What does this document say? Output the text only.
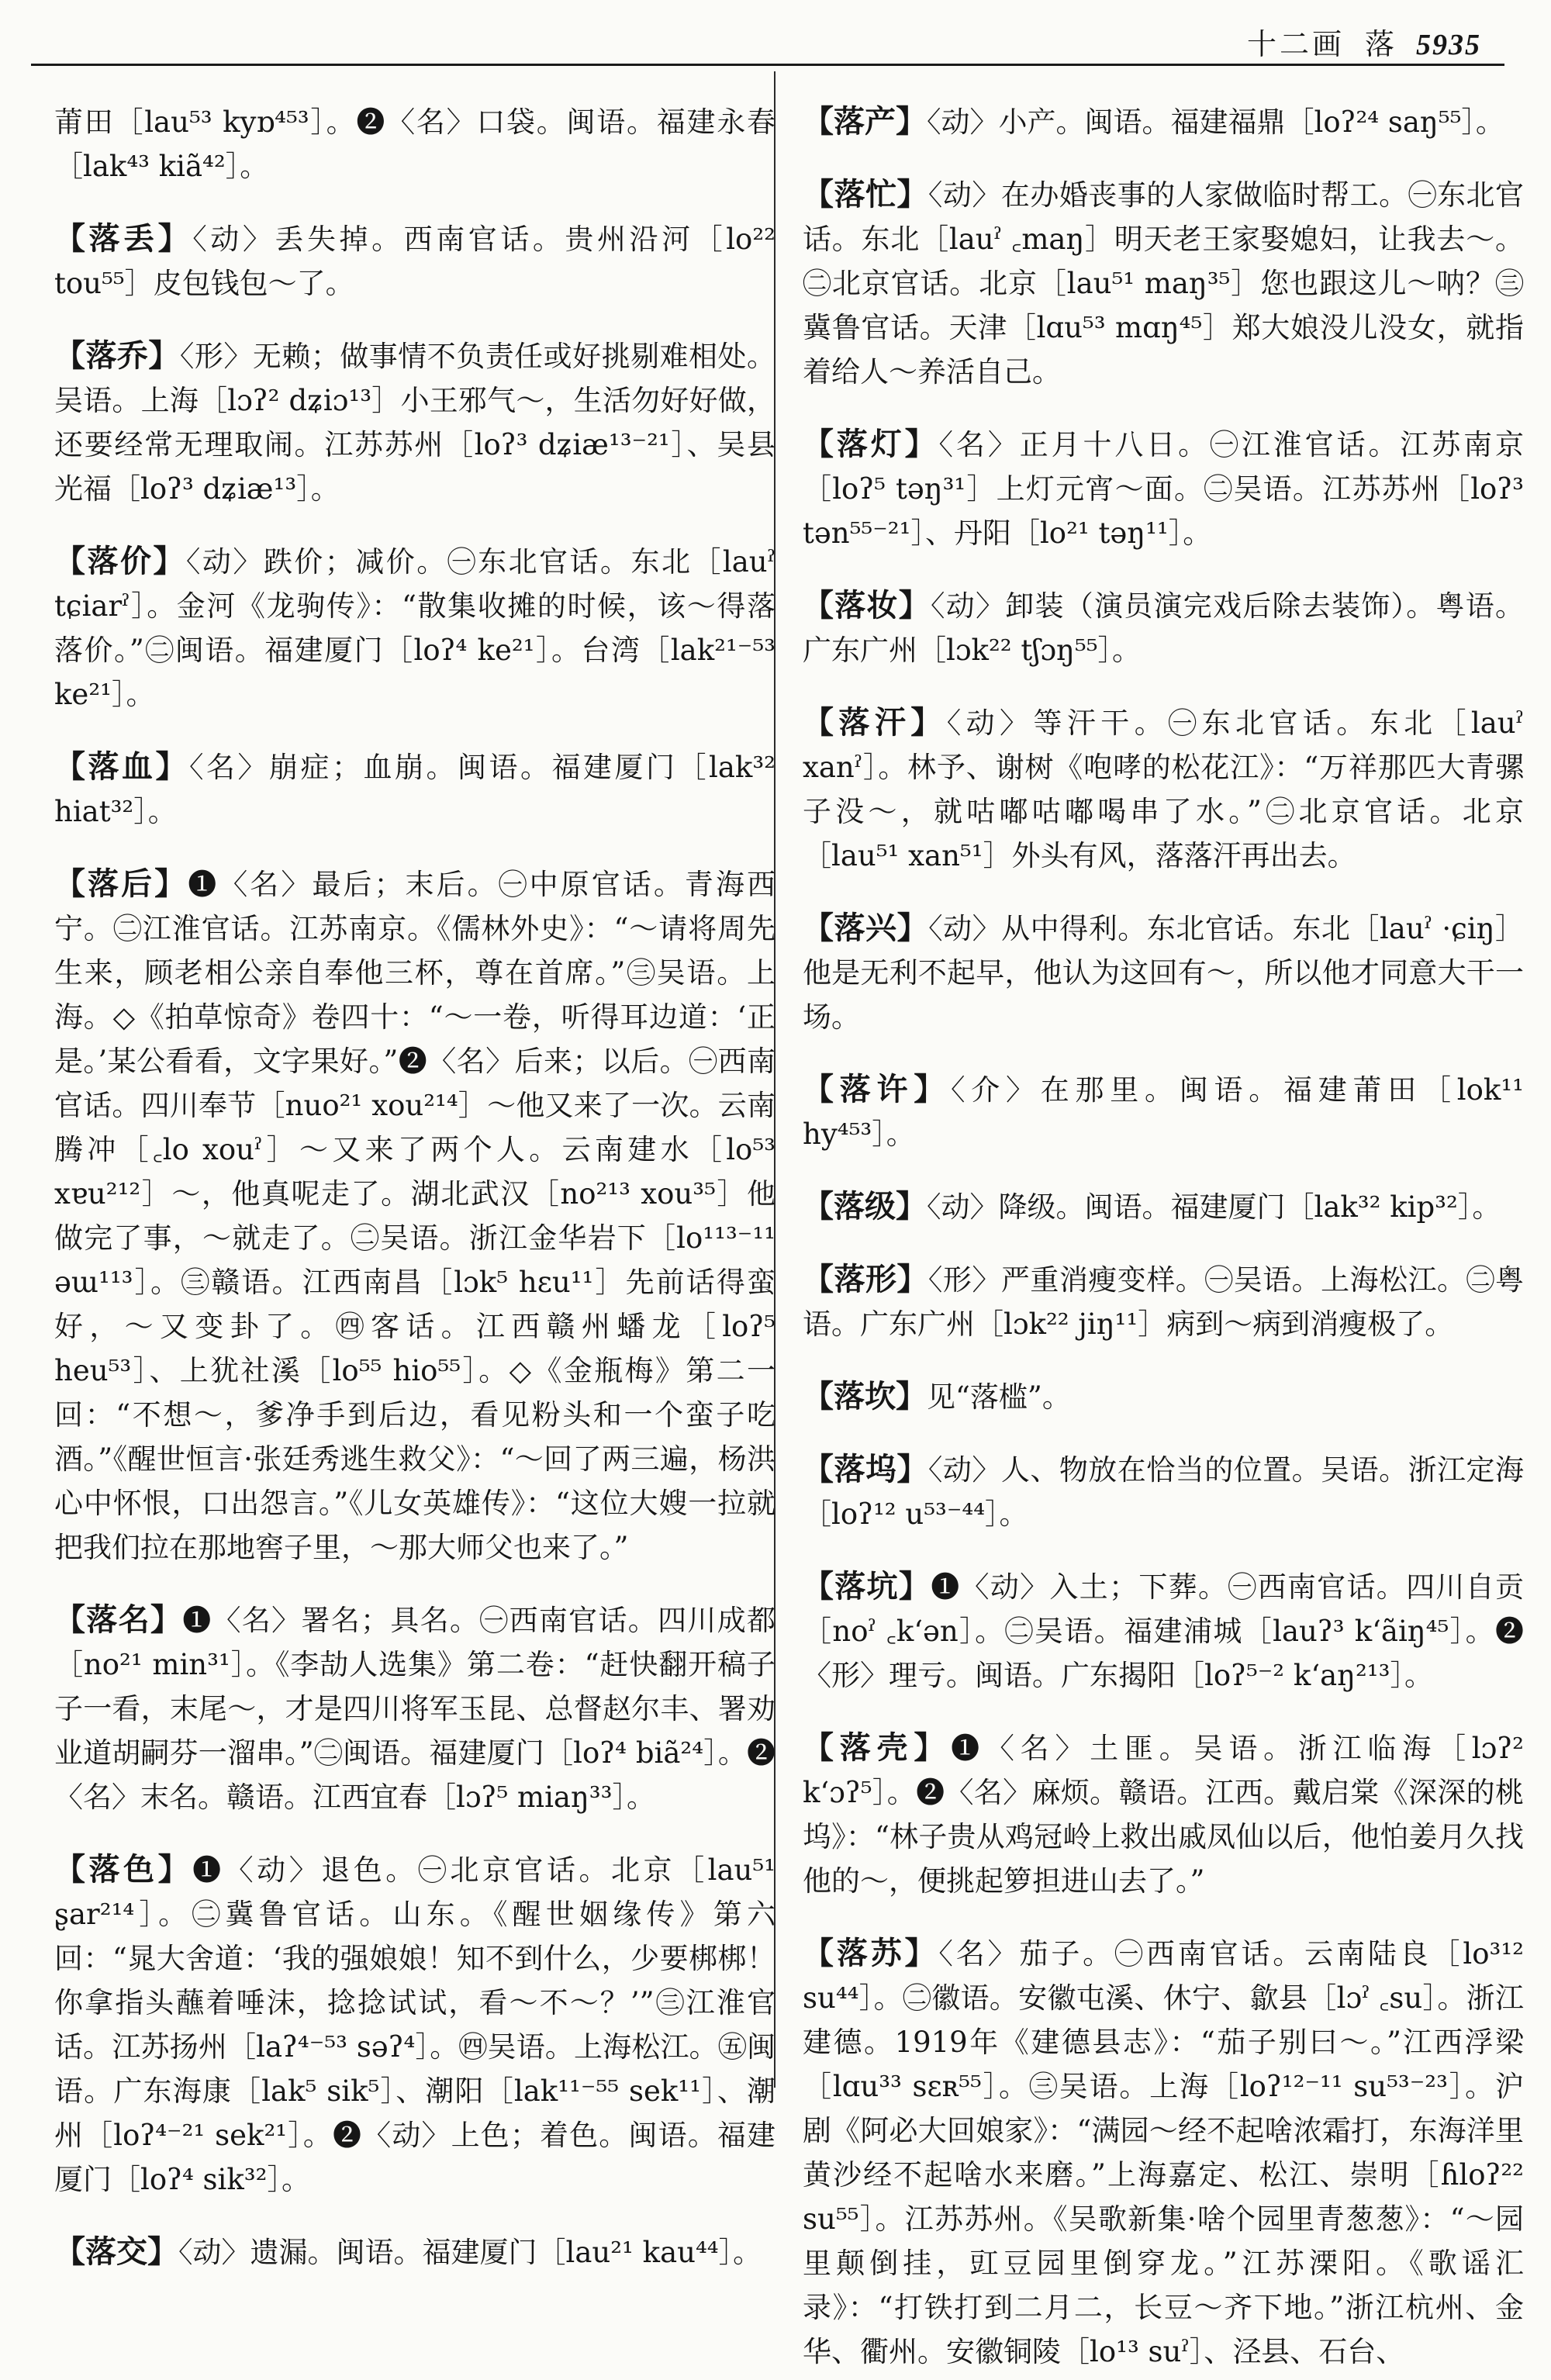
十二画 落 5935

莆田［lau⁵³ kyɒ⁴⁵³］。❷〈名〉口袋。闽语。福建永春［lak⁴³ kiã⁴²］。

【落丢】〈动〉丢失掉。西南官话。贵州沿河［lo²² tou⁵⁵］皮包钱包～了。

【落乔】〈形〉无赖；做事情不负责任或好挑剔难相处。吴语。上海［lɔʔ² dʑiɔ¹³］小王邪气～，生活勿好好做，还要经常无理取闹。江苏苏州［loʔ³ dʑiæ¹³⁻²¹］、吴县光福［loʔ³ dʑiæ¹³］。

【落价】〈动〉跌价；减价。㊀东北官话。东北［lauˀ tɕiarˀ］。金河《龙驹传》：“散集收摊的时候，该～得落落价。”㊁闽语。福建厦门［loʔ⁴ ke²¹］。台湾［lak²¹⁻⁵³ ke²¹］。

【落血】〈名〉崩症；血崩。闽语。福建厦门［lak³² hiat³²］。

【落后】❶〈名〉最后；末后。㊀中原官话。青海西宁。㊁江淮官话。江苏南京。《儒林外史》：“～请将周先生来，顾老相公亲自奉他三杯，尊在首席。”㊂吴语。上海。◇《拍草惊奇》卷四十：“～一卷，听得耳边道：‘正是。’某公看看，文字果好。”❷〈名〉后来；以后。㊀西南官话。四川奉节［nuo²¹ xou²¹⁴］～他又来了一次。云南腾冲［꜀lo xouˀ］～又来了两个人。云南建水［lo⁵³ xɐu²¹²］～，他真呢走了。湖北武汉［no²¹³ xou³⁵］他做完了事，～就走了。㊁吴语。浙江金华岩下［lo¹¹³⁻¹¹ əɯ¹¹³］。㊂赣语。江西南昌［lɔk⁵ hɛu¹¹］先前话得蛮好，～又变卦了。㊃客话。江西赣州蟠龙［loʔ⁵ heu⁵³］、上犹社溪［lo⁵⁵ hio⁵⁵］。◇《金瓶梅》第二一回：“不想～，爹净手到后边，看见粉头和一个蛮子吃酒。”《醒世恒言·张廷秀逃生救父》：“～回了两三遍，杨洪心中怀恨，口出怨言。”《儿女英雄传》：“这位大嫂一拉就把我们拉在那地窖子里，～那大师父也来了。”

【落名】❶〈名〉署名；具名。㊀西南官话。四川成都［no²¹ min³¹］。《李劼人选集》第二卷：“赶快翻开稿子子一看，末尾～，才是四川将军玉昆、总督赵尔丰、署劝业道胡嗣芬一溜串。”㊁闽语。福建厦门［loʔ⁴ biã²⁴］。❷〈名〉末名。赣语。江西宜春［lɔʔ⁵ miaŋ³³］。

【落色】❶〈动〉退色。㊀北京官话。北京［lau⁵¹ ʂar²¹⁴］。㊁冀鲁官话。山东。《醒世姻缘传》第六回：“晁大舍道：‘我的强娘娘！知不到什么，少要梆梆！你拿指头蘸着唾沫，捻捻试试，看～不～？’”㊂江淮官话。江苏扬州［laʔ⁴⁻⁵³ səʔ⁴］。㊃吴语。上海松江。㊄闽语。广东海康［lak⁵ sik⁵］、潮阳［lak¹¹⁻⁵⁵ sek¹¹］、潮州［loʔ⁴⁻²¹ sek²¹］。❷〈动〉上色；着色。闽语。福建厦门［loʔ⁴ sik³²］。

【落交】〈动〉遗漏。闽语。福建厦门［lau²¹ kau⁴⁴］。

【落产】〈动〉小产。闽语。福建福鼎［loʔ²⁴ saŋ⁵⁵］。

【落忙】〈动〉在办婚丧事的人家做临时帮工。㊀东北官话。东北［lauˀ ꜀maŋ］明天老王家娶媳妇，让我去～。㊁北京官话。北京［lau⁵¹ maŋ³⁵］您也跟这儿～呐？㊂冀鲁官话。天津［lɑu⁵³ mɑŋ⁴⁵］郑大娘没儿没女，就指着给人～养活自己。

【落灯】〈名〉正月十八日。㊀江淮官话。江苏南京［loʔ⁵ təŋ³¹］上灯元宵～面。㊁吴语。江苏苏州［loʔ³ tən⁵⁵⁻²¹］、丹阳［lo²¹ təŋ¹¹］。

【落妆】〈动〉卸装（演员演完戏后除去装饰）。粤语。广东广州［lɔk²² tʃɔŋ⁵⁵］。

【落汗】〈动〉等汗干。㊀东北官话。东北［lauˀ xanˀ］。林予、谢树《咆哮的松花江》：“万祥那匹大青骡子没～，就咕嘟咕嘟喝串了水。”㊁北京官话。北京［lau⁵¹ xan⁵¹］外头有风，落落汗再出去。

【落兴】〈动〉从中得利。东北官话。东北［lauˀ ·ɕiŋ］他是无利不起早，他认为这回有～，所以他才同意大干一场。

【落许】〈介〉在那里。闽语。福建莆田［lok¹¹ hy⁴⁵³］。

【落级】〈动〉降级。闽语。福建厦门［lak³² kip³²］。

【落形】〈形〉严重消瘦变样。㊀吴语。上海松江。㊁粤语。广东广州［lɔk²² jiŋ¹¹］病到～病到消瘦极了。

【落坎】见“落槛”。

【落坞】〈动〉人、物放在恰当的位置。吴语。浙江定海［loʔ¹² u⁵³⁻⁴⁴］。

【落坑】❶〈动〉入土；下葬。㊀西南官话。四川自贡［noˀ ꜀k‘ən］。㊁吴语。福建浦城［lauʔ³ k‘ãiŋ⁴⁵］。❷〈形〉理亏。闽语。广东揭阳［loʔ⁵⁻² k‘aŋ²¹³］。

【落壳】❶〈名〉土匪。吴语。浙江临海［lɔʔ² k‘ɔʔ⁵］。❷〈名〉麻烦。赣语。江西。戴启棠《深深的桃坞》：“林子贵从鸡冠岭上救出戚凤仙以后，他怕姜月久找他的～，便挑起箩担进山去了。”

【落苏】〈名〉茄子。㊀西南官话。云南陆良［lo³¹² su⁴⁴］。㊁徽语。安徽屯溪、休宁、歙县［lɔˀ ꜀su］。浙江建德。1919年《建德县志》：“茄子别曰～。”江西浮梁［lɑu³³ sɛʀ⁵⁵］。㊂吴语。上海［loʔ¹²⁻¹¹ su⁵³⁻²³］。沪剧《阿必大回娘家》：“满园～经不起啥浓霜打，东海洋里黄沙经不起啥水来磨。”上海嘉定、松江、崇明［ɦloʔ²² su⁵⁵］。江苏苏州。《吴歌新集·啥个园里青葱葱》：“～园里颠倒挂，豇豆园里倒穿龙。”江苏溧阳。《歌谣汇录》：“打铁打到二月二，长豆～齐下地。”浙江杭州、金华、衢州。安徽铜陵［lo¹³ suˀ］、泾县、石台、
